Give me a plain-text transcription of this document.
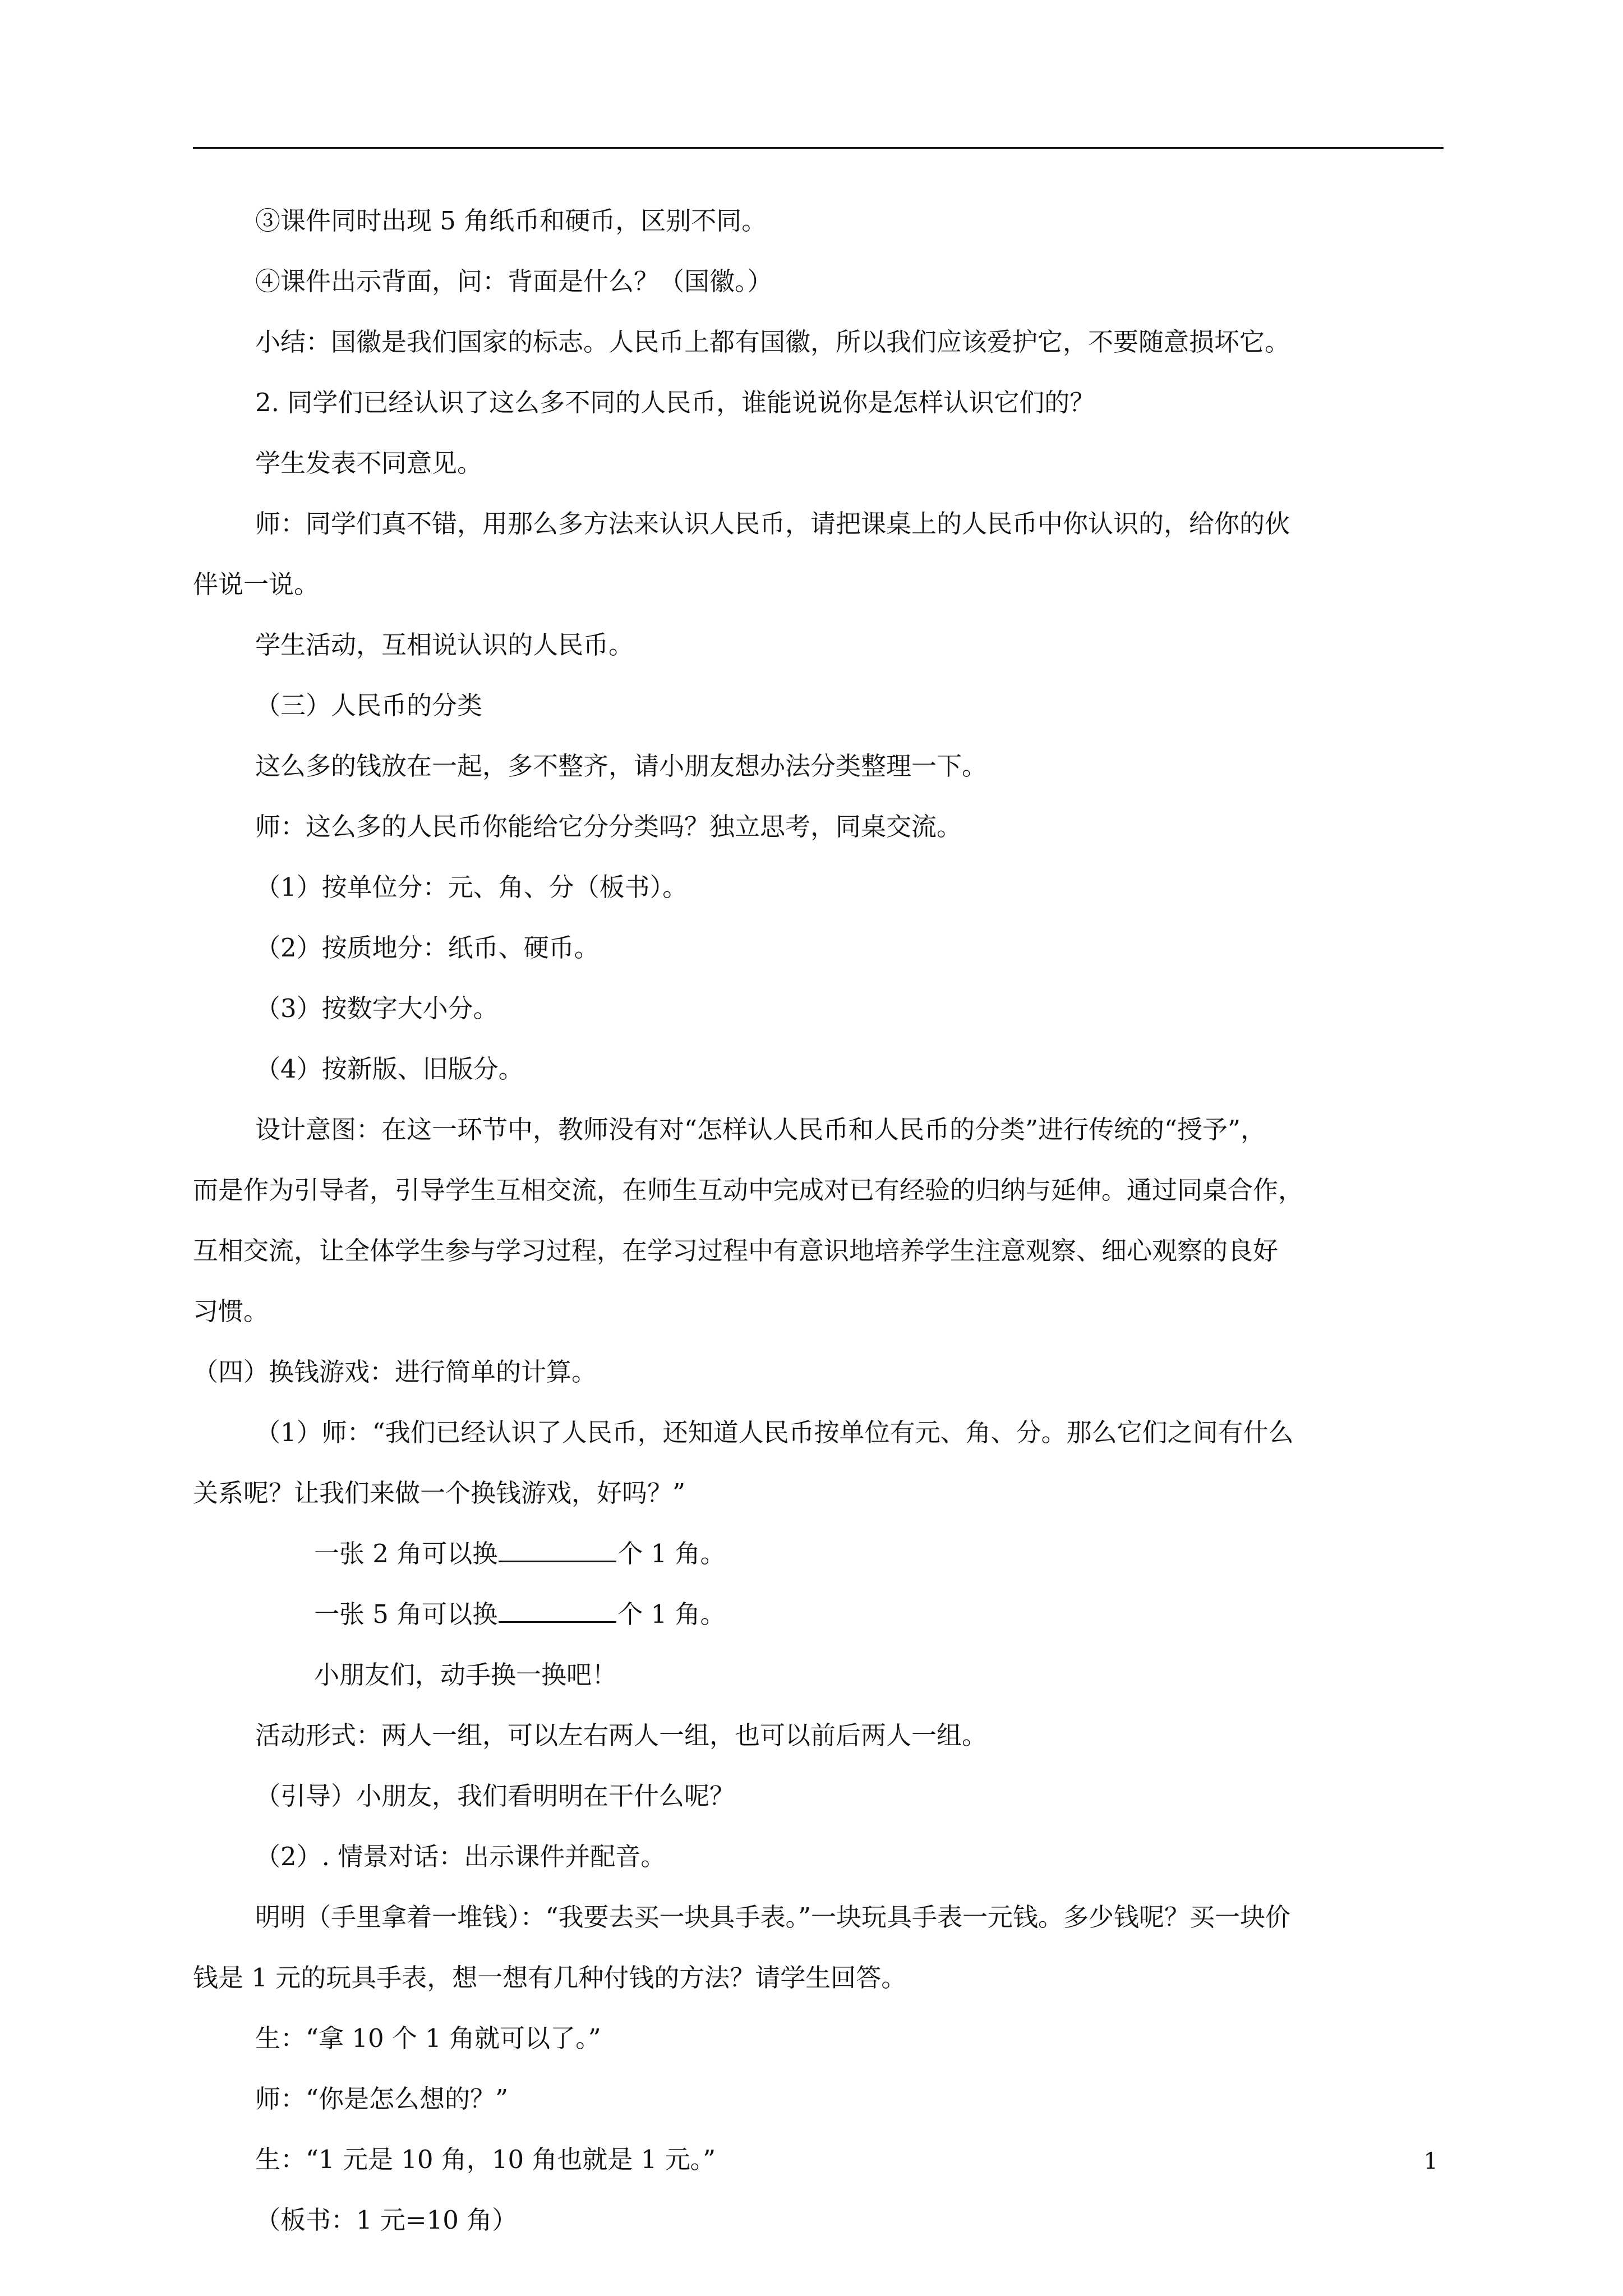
③课件同时出现 5 角纸币和硬币，区别不同。
④课件出示背面，问：背面是什么？（国徽。）
小结：国徽是我们国家的标志。人民币上都有国徽，所以我们应该爱护它，不要随意损坏它。
2. 同学们已经认识了这么多不同的人民币，谁能说说你是怎样认识它们的？
学生发表不同意见。
师：同学们真不错，用那么多方法来认识人民币，请把课桌上的人民币中你认识的，给你的伙
伴说一说。
学生活动，互相说认识的人民币。
（三）人民币的分类
这么多的钱放在一起，多不整齐，请小朋友想办法分类整理一下。
师：这么多的人民币你能给它分分类吗？独立思考，同桌交流。
（1）按单位分：元、角、分（板书）。
（2）按质地分：纸币、硬币。
（3）按数字大小分。
（4）按新版、旧版分。
设计意图：在这一环节中，教师没有对“怎样认人民币和人民币的分类”进行传统的“授予”，
而是作为引导者，引导学生互相交流，在师生互动中完成对已有经验的归纳与延伸。通过同桌合作，
互相交流，让全体学生参与学习过程，在学习过程中有意识地培养学生注意观察、细心观察的良好
习惯。
（四）换钱游戏：进行简单的计算。
（1）师：“我们已经认识了人民币，还知道人民币按单位有元、角、分。那么它们之间有什么
关系呢？让我们来做一个换钱游戏，好吗？”
一张 2 角可以换	个 1 角。
一张 5 角可以换	个 1 角。
小朋友们，动手换一换吧！
活动形式：两人一组，可以左右两人一组，也可以前后两人一组。
（引导）小朋友，我们看明明在干什么呢？
（2）. 情景对话：出示课件并配音。
明明（手里拿着一堆钱）：“我要去买一块具手表。”一块玩具手表一元钱。多少钱呢？买一块价
钱是 1 元的玩具手表，想一想有几种付钱的方法？请学生回答。
生：“拿 10 个 1 角就可以了。”
师：“你是怎么想的？”
生：“1 元是 10 角，10 角也就是 1 元。”
（板书：1 元=10 角）
1
